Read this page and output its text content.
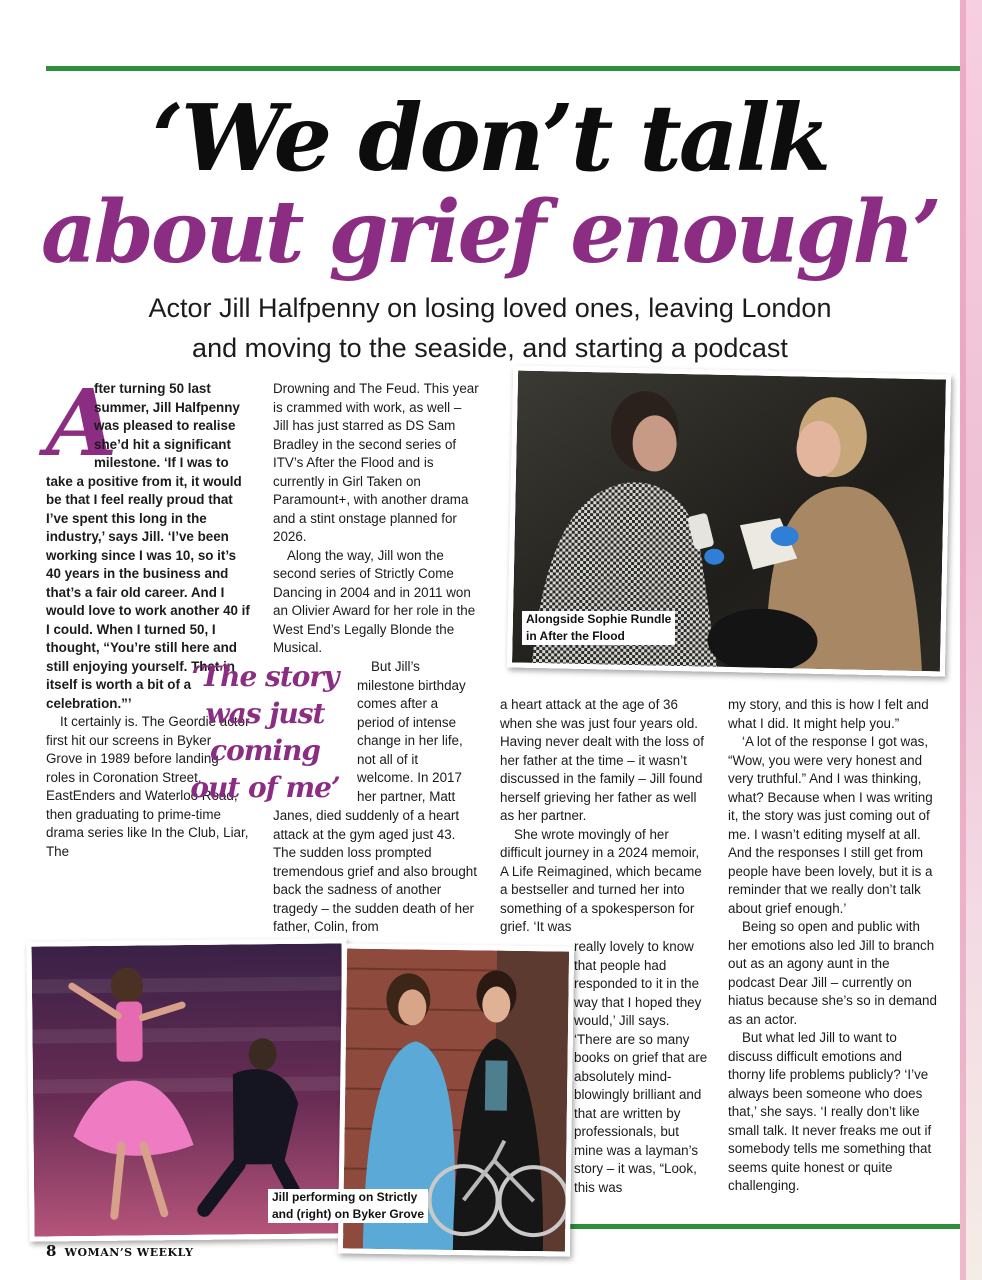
‘We don’t talk
about grief enough’

Actor Jill Halfpenny on losing loved ones, leaving London
and moving to the seaside, and starting a podcast

A
fter turning 50 last summer, Jill Halfpenny was pleased to realise she’d hit a significant milestone. ‘If I was to take a positive from it, it would be that I feel really proud that I’ve spent this long in the industry,’ says Jill. ‘I’ve been working since I was 10, so it’s 40 years in the business and that’s a fair old career. And I would love to work another 40 if I could. When I turned 50, I thought, “You’re still here and still enjoying yourself. That in itself is worth a bit of a celebration.”’

It certainly is. The Geordie actor first hit our screens in Byker Grove in 1989 before landing roles in Coronation Street, EastEnders and Waterloo Road, then graduating to prime-time drama series like In the Club, Liar, The

Drowning and The Feud. This year is crammed with work, as well – Jill has just starred as DS Sam Bradley in the second series of ITV’s After the Flood and is currently in Girl Taken on Paramount+, with another drama and a stint onstage planned for 2026.

Along the way, Jill won the second series of Strictly Come Dancing in 2004 and in 2011 won an Olivier Award for her role in the West End’s Legally Blonde the Musical.

But Jill’s milestone birthday comes after a period of intense change in her life, not all of it welcome. In 2017 her partner, Matt

Janes, died suddenly of a heart attack at the gym aged just 43. The sudden loss prompted tremendous grief and also brought back the sadness of another tragedy – the sudden death of her father, Colin, from

‘The story was just coming out of me’

a heart attack at the age of 36 when she was just four years old. Having never dealt with the loss of her father at the time – it wasn’t discussed in the family – Jill found herself grieving her father as well as her partner.

She wrote movingly of her difficult journey in a 2024 memoir, A Life Reimagined, which became a bestseller and turned her into something of a spokesperson for grief. ‘It was

really lovely to know that people had responded to it in the way that I hoped they would,’ Jill says. ‘There are so many books on grief that are absolutely mind-blowingly brilliant and that are written by professionals, but mine was a layman’s story – it was, “Look, this was

my story, and this is how I felt and what I did. It might help you.”

‘A lot of the response I got was, “Wow, you were very honest and very truthful.” And I was thinking, what? Because when I was writing it, the story was just coming out of me. I wasn’t editing myself at all. And the responses I still get from people have been lovely, but it is a reminder that we really don’t talk about grief enough.’

Being so open and public with her emotions also led Jill to branch out as an agony aunt in the podcast Dear Jill – currently on hiatus because she’s so in demand as an actor.

But what led Jill to want to discuss difficult emotions and thorny life problems publicly? ‘I’ve always been someone who does that,’ she says. ‘I really don’t like small talk. It never freaks me out if somebody tells me something that seems quite honest or quite challenging.

Alongside Sophie Rundle
in After the Flood
Jill performing on Strictly
and (right) on Byker Grove
8 WOMAN’S WEEKLY
